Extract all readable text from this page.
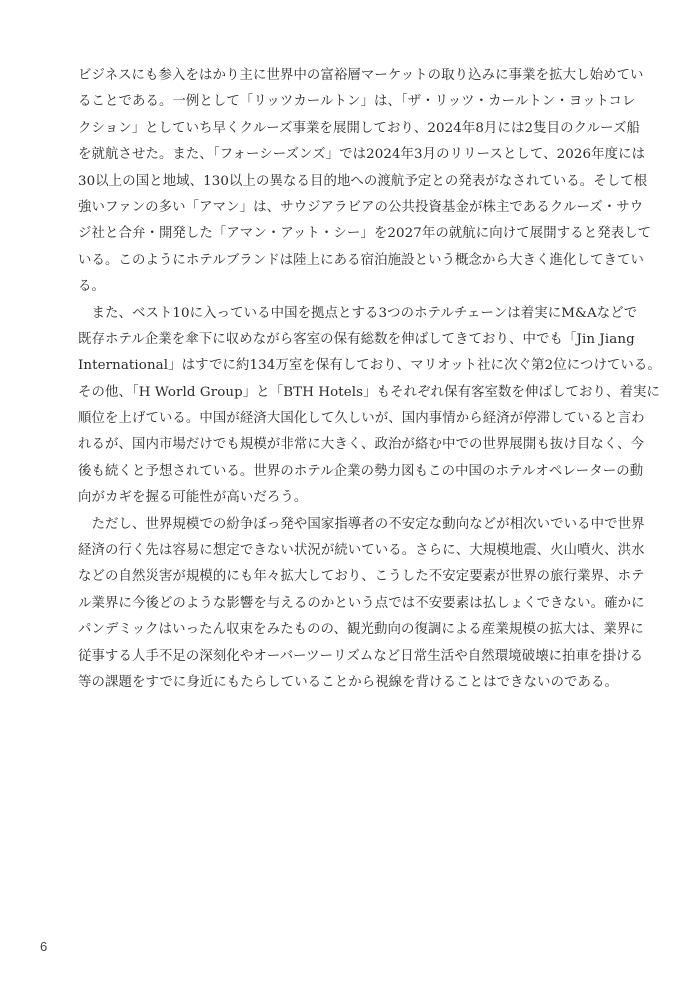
ビジネスにも参入をはかり主に世界中の富裕層マーケットの取り込みに事業を拡大し始めてい
ることである。一例として「リッツカールトン」は、「ザ・リッツ・カールトン・ヨットコレ
クション」としていち早くクルーズ事業を展開しており、2024年8月には2隻目のクルーズ船
を就航させた。また、「フォーシーズンズ」では2024年3月のリリースとして、2026年度には
30以上の国と地域、130以上の異なる目的地への渡航予定との発表がなされている。そして根
強いファンの多い「アマン」は、サウジアラビアの公共投資基金が株主であるクルーズ・サウ
ジ社と合弁・開発した「アマン・アット・シー」を2027年の就航に向けて展開すると発表して
いる。このようにホテルブランドは陸上にある宿泊施設という概念から大きく進化してきてい
る。
　また、ベスト10に入っている中国を拠点とする3つのホテルチェーンは着実にM&Aなどで
既存ホテル企業を傘下に収めながら客室の保有総数を伸ばしてきており、中でも「Jin Jiang
International」はすでに約134万室を保有しており、マリオット社に次ぐ第2位につけている。
その他、「H World Group」と「BTH Hotels」もそれぞれ保有客室数を伸ばしており、着実に
順位を上げている。中国が経済大国化して久しいが、国内事情から経済が停滞していると言わ
れるが、国内市場だけでも規模が非常に大きく、政治が絡む中での世界展開も抜け目なく、今
後も続くと予想されている。世界のホテル企業の勢力図もこの中国のホテルオペレーターの動
向がカギを握る可能性が高いだろう。
　ただし、世界規模での紛争ぼっ発や国家指導者の不安定な動向などが相次いでいる中で世界
経済の行く先は容易に想定できない状況が続いている。さらに、大規模地震、火山噴火、洪水
などの自然災害が規模的にも年々拡大しており、こうした不安定要素が世界の旅行業界、ホテ
ル業界に今後どのような影響を与えるのかという点では不安要素は払しょくできない。確かに
パンデミックはいったん収束をみたものの、観光動向の復調による産業規模の拡大は、業界に
従事する人手不足の深刻化やオーバーツーリズムなど日常生活や自然環境破壊に拍車を掛ける
等の課題をすでに身近にもたらしていることから視線を背けることはできないのである。
6
